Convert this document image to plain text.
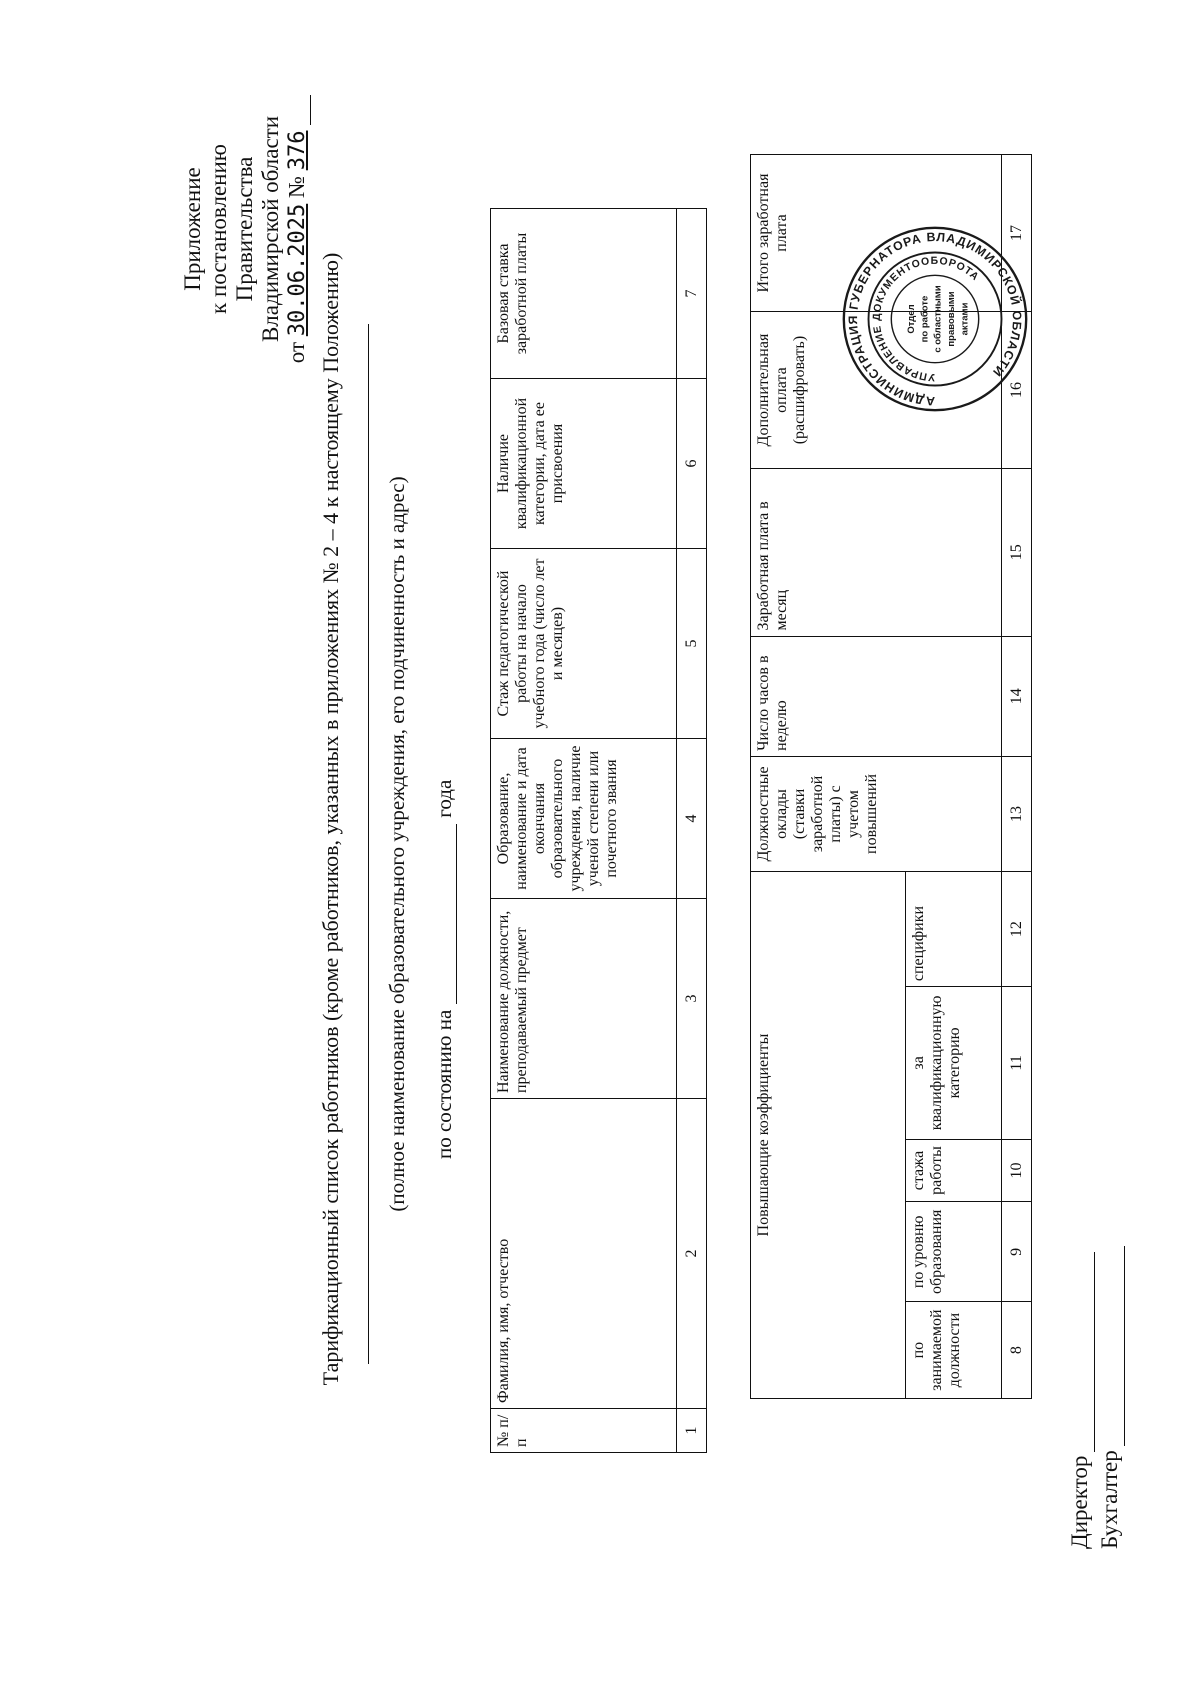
Приложение к постановлению Правительства Владимирской области
от 30.06.2025 № 376
Тарификационный список работников (кроме работников, указанных в приложениях № 2 – 4 к настоящему Положению) (полное наименование образовательного учреждения, его подчиненность и адрес) по состоянию нагода
№ п/п	Фамилия, имя, отчество	Наименование должности, преподаваемый предмет	Образование, наименование и дата окончания образовательного учреждения, наличие ученой степени или почетного звания	Стаж педагогической работы на начало учебного года (число лет и месяцев)	Наличие квалификационной категории, дата ее присвоения	Базовая ставка заработной платы
1	2	3	4	5	6	7
Повышающие коэффициенты					Должностные оклады (ставки заработной платы) с учетом повышений	Число часов в неделю	Заработная плата в месяц	Дополнительная оплата (расшифровать)	Итого заработная плата
по занимаемой должности	по уровню образования	стажа работы	за квалификационную категорию	специфики					
8	9	10	11	12	13	14	15	16	17
Директор Бухгалтер
АДМИНИСТРАЦИЯ ГУБЕРНАТОРА ВЛАДИМИРСКОЙ ОБЛАСТИ
УПРАВЛЕНИЕ ДОКУМЕНТООБОРОТА
Отдел по работе с областными правовыми актами
